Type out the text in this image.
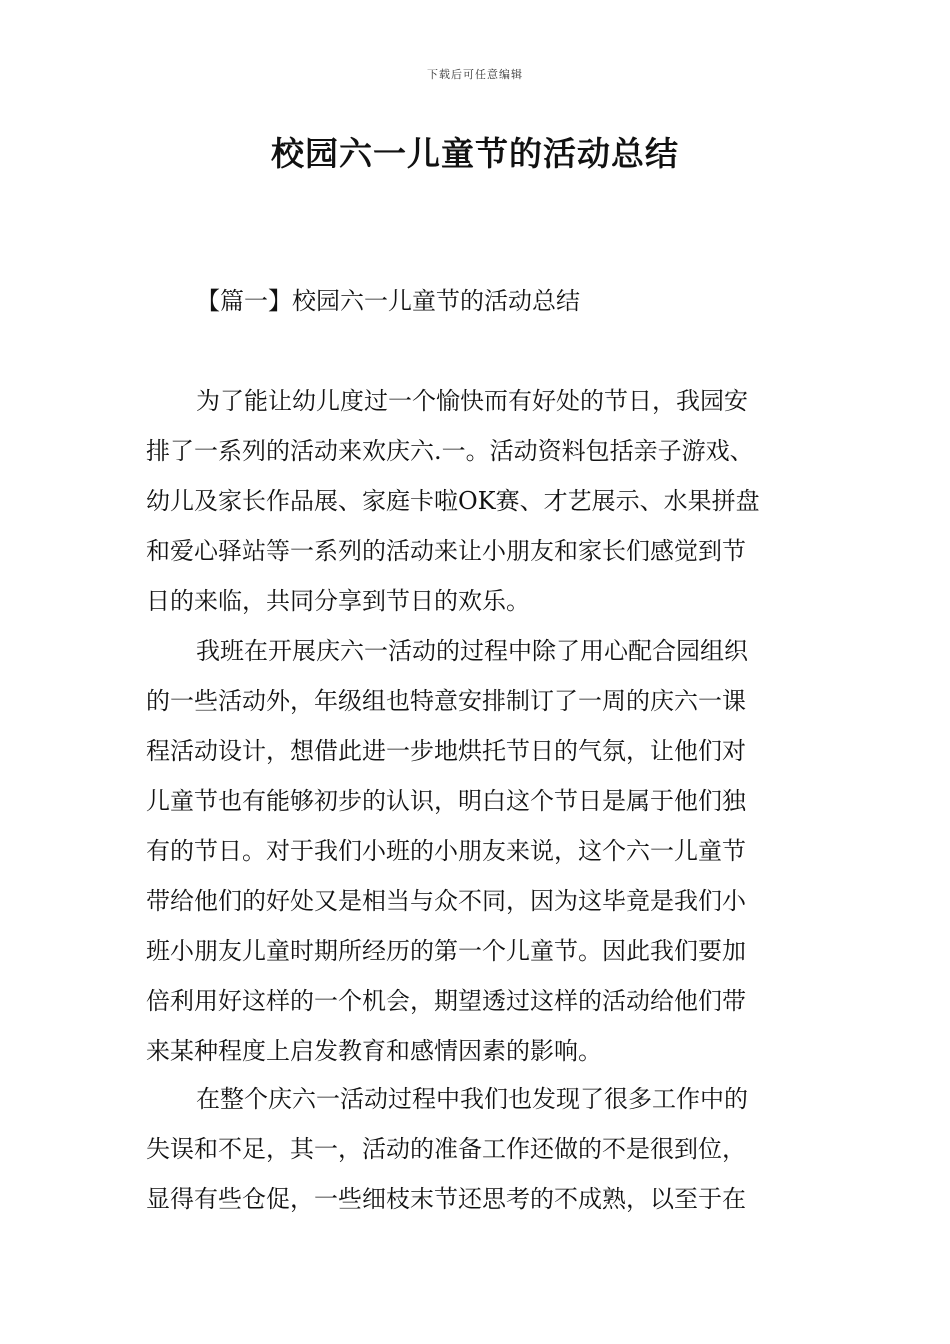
下载后可任意编辑
校园六一儿童节的活动总结
【篇一】校园六一儿童节的活动总结
为了能让幼儿度过一个愉快而有好处的节日，我园安
排了一系列的活动来欢庆六.一。活动资料包括亲子游戏、
幼儿及家长作品展、家庭卡啦OK赛、才艺展示、水果拼盘
和爱心驿站等一系列的活动来让小朋友和家长们感觉到节
日的来临，共同分享到节日的欢乐。
我班在开展庆六一活动的过程中除了用心配合园组织
的一些活动外，年级组也特意安排制订了一周的庆六一课
程活动设计，想借此进一步地烘托节日的气氛，让他们对
儿童节也有能够初步的认识，明白这个节日是属于他们独
有的节日。对于我们小班的小朋友来说，这个六一儿童节
带给他们的好处又是相当与众不同，因为这毕竟是我们小
班小朋友儿童时期所经历的第一个儿童节。因此我们要加
倍利用好这样的一个机会，期望透过这样的活动给他们带
来某种程度上启发教育和感情因素的影响。
在整个庆六一活动过程中我们也发现了很多工作中的
失误和不足，其一，活动的准备工作还做的不是很到位，
显得有些仓促，一些细枝末节还思考的不成熟，以至于在
